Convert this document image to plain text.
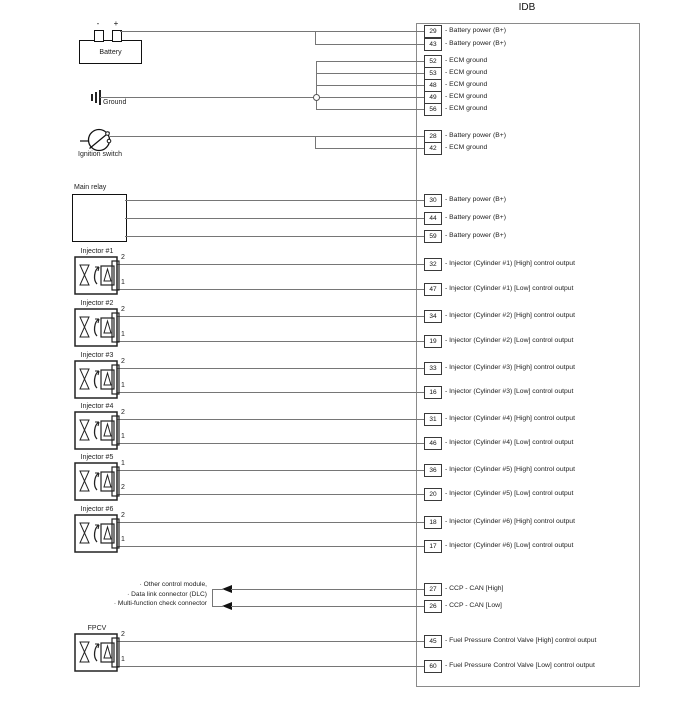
IDB
Battery
-	+
Ground
Ignition switch
Main relay
· Other control module,
· Data link connector (DLC)
· Multi-function check connector
29	- Battery power (B+)
43	- Battery power (B+)
52	- ECM ground
53	- ECM ground
48	- ECM ground
49	- ECM ground
56	- ECM ground
28	- Battery power (B+)
42	- ECM ground
30	- Battery power (B+)
44	- Battery power (B+)
59	- Battery power (B+)
32	- Injector (Cylinder #1) [High] control output
47	- Injector (Cylinder #1) [Low] control output
34	- Injector (Cylinder #2) [High] control output
19	- Injector (Cylinder #2) [Low] control output
33	- Injector (Cylinder #3) [High] control output
16	- Injector (Cylinder #3) [Low] control output
31	- Injector (Cylinder #4) [High] control output
46	- Injector (Cylinder #4) [Low] control output
36	- Injector (Cylinder #5) [High] control output
20	- Injector (Cylinder #5) [Low] control output
18	- Injector (Cylinder #6) [High] control output
17	- Injector (Cylinder #6) [Low] control output
27	- CCP - CAN [High]
26	- CCP - CAN [Low]
45	- Fuel Pressure Control Valve [High] control output
60	- Fuel Pressure Control Valve [Low] control output
Injector #1
2
1
Injector #2
2
1
Injector #3
2
1
Injector #4
2
1
Injector #5
1
2
Injector #6
2
1
FPCV
2
1
